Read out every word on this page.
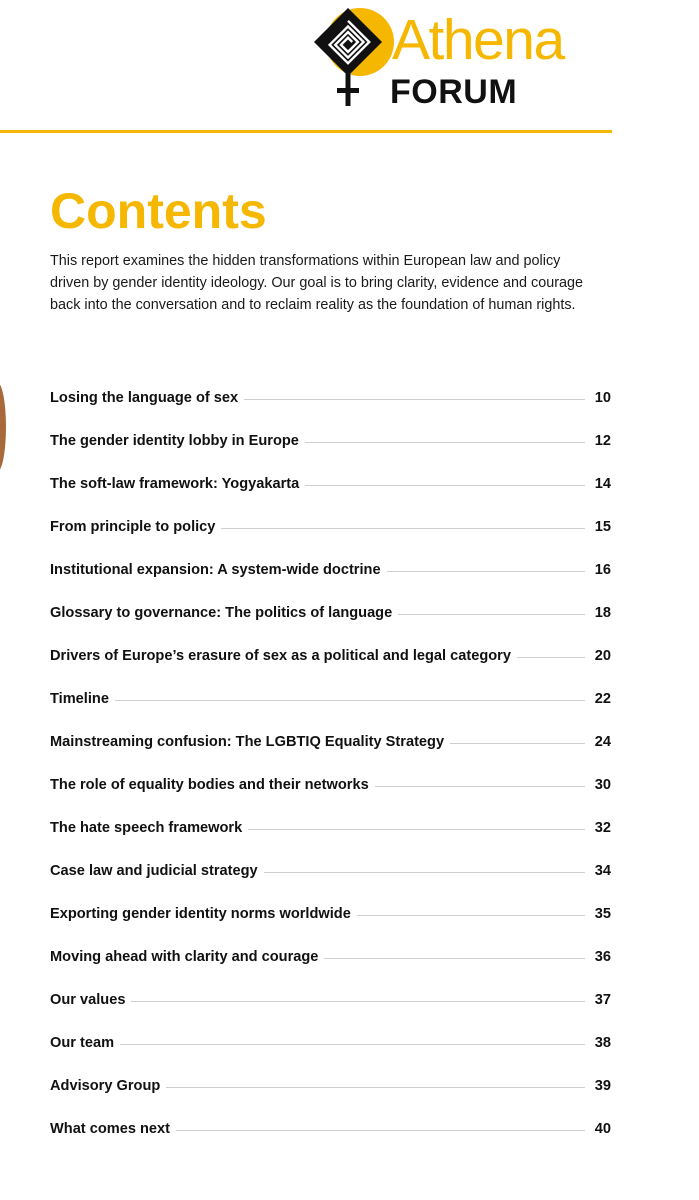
Athena
FORUM
Contents

This report examines the hidden transformations within European law and policy driven by gender identity ideology. Our goal is to bring clarity, evidence and courage back into the conversation and to reclaim reality as the foundation of human rights.

Losing the language of sex	10
The gender identity lobby in Europe	12
The soft-law framework: Yogyakarta	14
From principle to policy	15
Institutional expansion: A system-wide doctrine	16
Glossary to governance: The politics of language	18
Drivers of Europe’s erasure of sex as a political and legal category	20
Timeline	22
Mainstreaming confusion: The LGBTIQ Equality Strategy	24
The role of equality bodies and their networks	30
The hate speech framework	32
Case law and judicial strategy	34
Exporting gender identity norms worldwide	35
Moving ahead with clarity and courage	36
Our values	37
Our team	38
Advisory Group	39
What comes next	40
